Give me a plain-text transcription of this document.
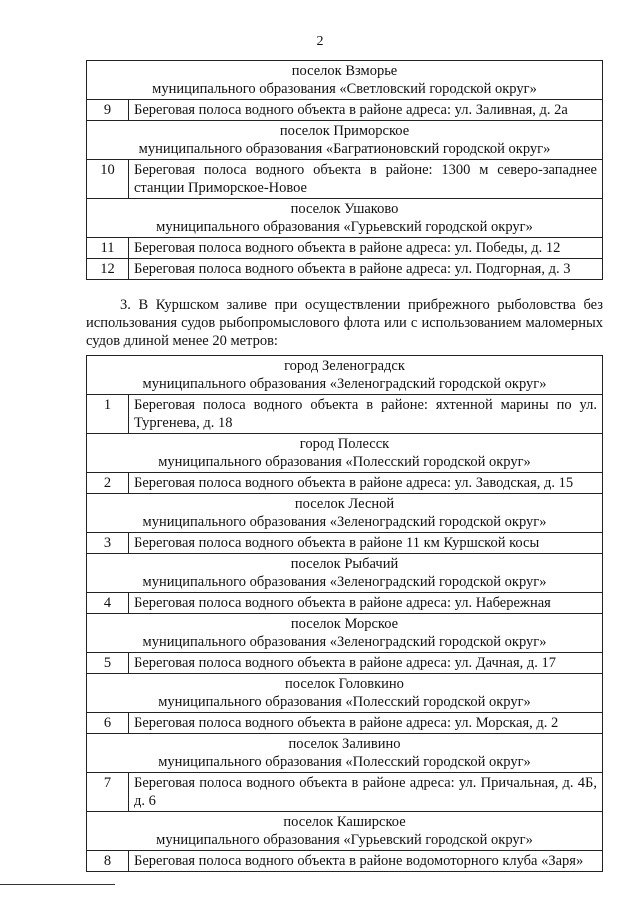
2
поселок Взморье
муниципального образования «Светловский городской округ»	

9	Береговая полоса водного объекта в районе адреса: ул. Заливная, д. 2а

поселок Приморское
муниципального образования «Багратионовский городской округ»	

10	Береговая полоса водного объекта в районе: 1300 м северо-западнее станции Приморское-Новое

поселок Ушаково
муниципального образования «Гурьевский городской округ»	

11	Береговая полоса водного объекта в районе адреса: ул. Победы, д. 12
12	Береговая полоса водного объекта в районе адреса: ул. Подгорная, д. 3

3. В Куршском заливе при осуществлении прибрежного рыболовства без использования судов рыбопромыслового флота или с использованием маломерных судов длиной менее 20 метров:

город Зеленоградск
муниципального образования «Зеленоградский городской округ»	

1	Береговая полоса водного объекта в районе: яхтенной марины по ул. Тургенева, д. 18

город Полесск
муниципального образования «Полесский городской округ»	

2	Береговая полоса водного объекта в районе адреса: ул. Заводская, д. 15

поселок Лесной
муниципального образования «Зеленоградский городской округ»	

3	Береговая полоса водного объекта в районе 11 км Куршской косы

поселок Рыбачий
муниципального образования «Зеленоградский городской округ»	

4	Береговая полоса водного объекта в районе адреса: ул. Набережная

поселок Морское
муниципального образования «Зеленоградский городской округ»	

5	Береговая полоса водного объекта в районе адреса: ул. Дачная, д. 17

поселок Головкино
муниципального образования «Полесский городской округ»	

6	Береговая полоса водного объекта в районе адреса: ул. Морская, д. 2

поселок Заливино
муниципального образования «Полесский городской округ»	

7	Береговая полоса водного объекта в районе адреса: ул. Причальная, д. 4Б, д. 6

поселок Каширское
муниципального образования «Гурьевский городской округ»	

8	Береговая полоса водного объекта в районе водомоторного клуба «Заря»
